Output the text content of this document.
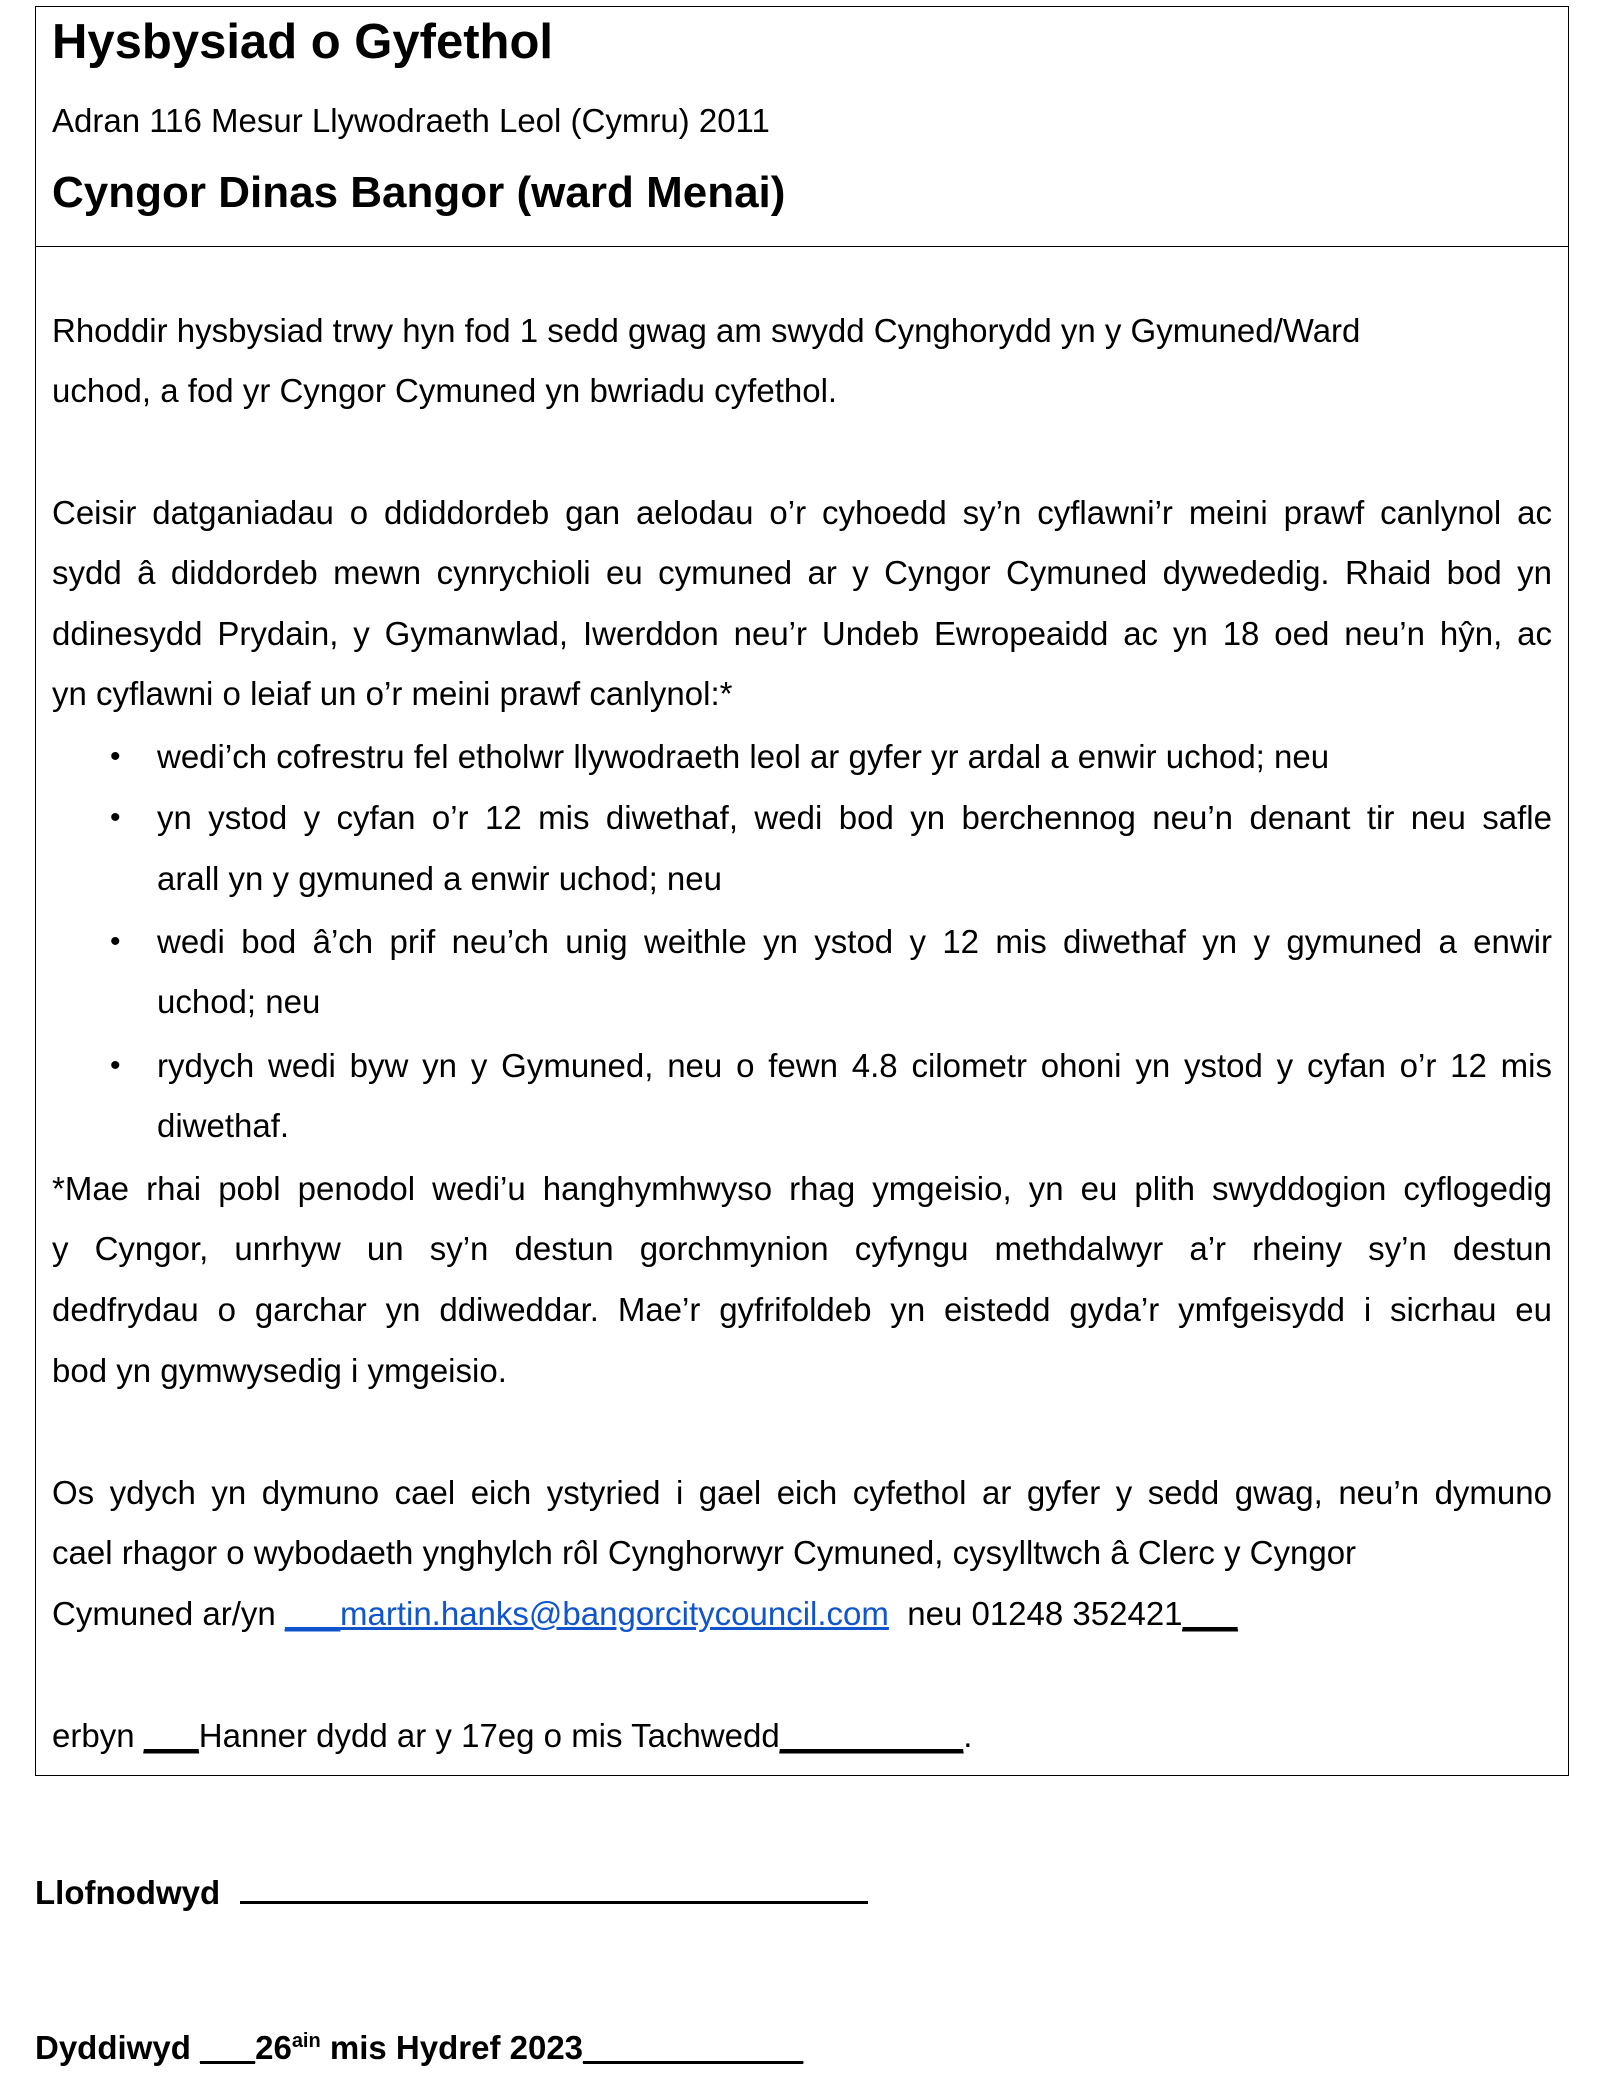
Hysbysiad o Gyfethol
Adran 116 Mesur Llywodraeth Leol (Cymru) 2011
Cyngor Dinas Bangor (ward Menai)
Rhoddir hysbysiad trwy hyn fod 1 sedd gwag am swydd Cynghorydd yn y Gymuned/Ward
uchod, a fod yr Cyngor Cymuned yn bwriadu cyfethol.
Ceisir datganiadau o ddiddordeb gan aelodau o’r cyhoedd sy’n cyflawni’r meini prawf canlynol ac
sydd â diddordeb mewn cynrychioli eu cymuned ar y Cyngor Cymuned dywededig. Rhaid bod yn
ddinesydd Prydain, y Gymanwlad, Iwerddon neu’r Undeb Ewropeaidd ac yn 18 oed neu’n hŷn, ac
yn cyflawni o leiaf un o’r meini prawf canlynol:*
• wedi’ch cofrestru fel etholwr llywodraeth leol ar gyfer yr ardal a enwir uchod; neu
• yn ystod y cyfan o’r 12 mis diwethaf, wedi bod yn berchennog neu’n denant tir neu safle
arall yn y gymuned a enwir uchod; neu
• wedi bod â’ch prif neu’ch unig weithle yn ystod y 12 mis diwethaf yn y gymuned a enwir
uchod; neu
• rydych wedi byw yn y Gymuned, neu o fewn 4.8 cilometr ohoni yn ystod y cyfan o’r 12 mis
diwethaf.
*Mae rhai pobl penodol wedi’u hanghymhwyso rhag ymgeisio, yn eu plith swyddogion cyflogedig
y Cyngor, unrhyw un sy’n destun gorchmynion cyfyngu methdalwyr a’r rheiny sy’n destun
dedfrydau o garchar yn ddiweddar. Mae’r gyfrifoldeb yn eistedd gyda’r ymfgeisydd i sicrhau eu
bod yn gymwysedig i ymgeisio.
Os ydych yn dymuno cael eich ystyried i gael eich cyfethol ar gyfer y sedd gwag, neu’n dymuno
cael rhagor o wybodaeth ynghylch rôl Cynghorwyr Cymuned, cysylltwch â Clerc y Cyngor
Cymuned ar/yn ___martin.hanks@bangorcitycouncil.com  neu 01248 352421___
erbyn ___Hanner dydd ar y 17eg o mis Tachwedd__________.
Llofnodwyd
Dyddiwyd $\_\_\_26^{ain}$ mis Hydref 2023____________
